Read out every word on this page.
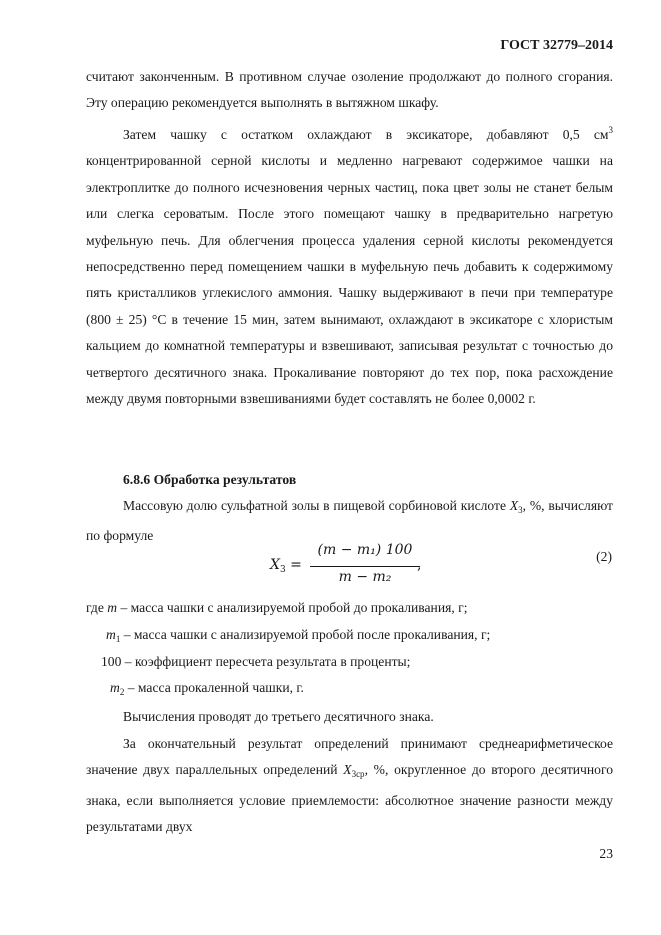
ГОСТ 32779–2014

считают законченным. В противном случае озоление продолжают до полного сгорания. Эту операцию рекомендуется выполнять в вытяжном шкафу.

Затем чашку с остатком охлаждают в эксикаторе, добавляют 0,5 $см^3$ концентрированной серной кислоты и медленно нагревают содержимое чашки на электроплитке до полного исчезновения черных частиц, пока цвет золы не станет белым или слегка сероватым. После этого помещают чашку в предварительно нагретую муфельную печь. Для облегчения процесса удаления серной кислоты рекомендуется непосредственно перед помещением чашки в муфельную печь добавить к содержимому пять кристалликов углекислого аммония. Чашку выдерживают в печи при температуре (800 ± 25) °С в течение 15 мин, затем вынимают, охлаждают в эксикаторе с хлористым кальцием до комнатной температуры и взвешивают, записывая результат с точностью до четвертого десятичного знака. Прокаливание повторяют до тех пор, пока расхождение между двумя повторными взвешиваниями будет составлять не более 0,0002 г.

6.8.6 Обработка результатов

Массовую долю сульфатной золы в пищевой сорбиновой кислоте $X_3$, %, вычисляют по формуле

$X_3$ =
(m − m₁) 100
m − m₂
,
(2)
где m – масса чашки с анализируемой пробой до прокаливания, г;
$m_1$ – масса чашки с анализируемой пробой после прокаливания, г;
100 – коэффициент пересчета результата в проценты;
$m_2$ – масса прокаленной чашки, г.

Вычисления проводят до третьего десятичного знака.

За окончательный результат определений принимают среднеарифметическое значение двух параллельных определений $X_{3ср}$, %, округленное до второго десятичного знака, если выполняется условие приемлемости: абсолютное значение разности между результатами двух

23
